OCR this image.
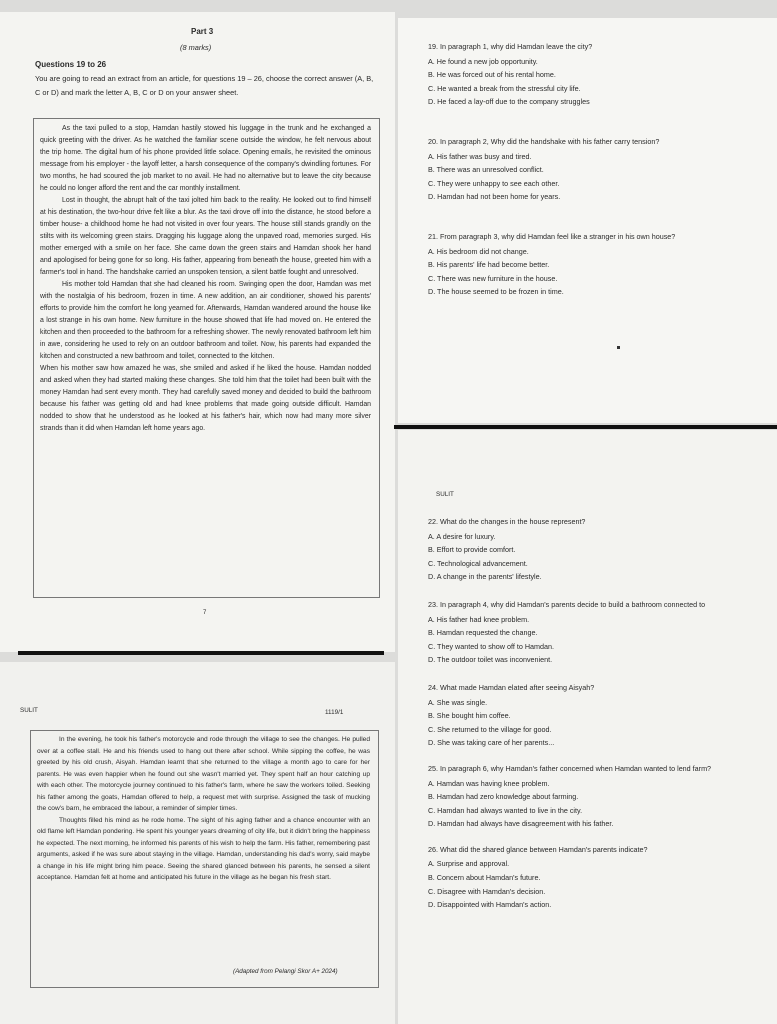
Part 3
(8 marks)
Questions 19 to 26
You are going to read an extract from an article, for questions 19 – 26, choose the correct answer (A, B, C or D) and mark the letter A, B, C or D on your answer sheet.

As the taxi pulled to a stop, Hamdan hastily stowed his luggage in the trunk and he exchanged a quick greeting with the driver. As he watched the familiar scene outside the window, he felt nervous about the trip home. The digital hum of his phone provided little solace. Opening emails, he revisited the ominous message from his employer - the layoff letter, a harsh consequence of the company's dwindling fortunes. For two months, he had scoured the job market to no avail. He had no alternative but to leave the city because he could no longer afford the rent and the car monthly installment.

Lost in thought, the abrupt halt of the taxi jolted him back to the reality. He looked out to find himself at his destination, the two-hour drive felt like a blur. As the taxi drove off into the distance, he stood before a timber house- a childhood home he had not visited in over four years. The house still stands grandly on the stilts with its welcoming green stairs. Dragging his luggage along the unpaved road, memories surged. His mother emerged with a smile on her face. She came down the green stairs and Hamdan shook her hand and apologised for being gone for so long. His father, appearing from beneath the house, greeted him with a farmer's tool in hand. The handshake carried an unspoken tension, a silent battle fought and unresolved.

His mother told Hamdan that she had cleaned his room. Swinging open the door, Hamdan was met with the nostalgia of his bedroom, frozen in time. A new addition, an air conditioner, showed his parents' efforts to provide him the comfort he long yearned for. Afterwards, Hamdan wandered around the house like a lost strange in his own home. New furniture in the house showed that life had moved on. He entered the kitchen and then proceeded to the bathroom for a refreshing shower. The newly renovated bathroom left him in awe, considering he used to rely on an outdoor bathroom and toilet. Now, his parents had expanded the kitchen and constructed a new bathroom and toilet, connected to the kitchen.

When his mother saw how amazed he was, she smiled and asked if he liked the house. Hamdan nodded and asked when they had started making these changes. She told him that the toilet had been built with the money Hamdan had sent every month. They had carefully saved money and decided to build the bathroom because his father was getting old and had knee problems that made going outside difficult. Hamdan nodded to show that he understood as he looked at his father's hair, which now had many more silver strands than it did when Hamdan left home years ago.

7
SULIT	1119/1

In the evening, he took his father's motorcycle and rode through the village to see the changes. He pulled over at a coffee stall. He and his friends used to hang out there after school. While sipping the coffee, he was greeted by his old crush, Aisyah. Hamdan learnt that she returned to the village a month ago to care for her parents. He was even happier when he found out she wasn't married yet. They spent half an hour catching up with each other. The motorcycle journey continued to his father's farm, where he saw the workers toiled. Seeking his father among the goats, Hamdan offered to help, a request met with surprise. Assigned the task of mucking the cow's barn, he embraced the labour, a reminder of simpler times.

Thoughts filled his mind as he rode home. The sight of his aging father and a chance encounter with an old flame left Hamdan pondering. He spent his younger years dreaming of city life, but it didn't bring the happiness he expected. The next morning, he informed his parents of his wish to help the farm. His father, remembering past arguments, asked if he was sure about staying in the village. Hamdan, understanding his dad's worry, said maybe a change in his life might bring him peace. Seeing the shared glanced between his parents, he sensed a silent acceptance. Hamdan felt at home and anticipated his future in the village as he began his fresh start.

(Adapted from Pelangi Skor A+ 2024)
19. In paragraph 1, why did Hamdan leave the city?
A. He found a new job opportunity.
B. He was forced out of his rental home.
C. He wanted a break from the stressful city life.
D. He faced a lay-off due to the company struggles
20. In paragraph 2, Why did the handshake with his father carry tension?
A. His father was busy and tired.
B. There was an unresolved conflict.
C. They were unhappy to see each other.
D. Hamdan had not been home for years.
21. From paragraph 3, why did Hamdan feel like a stranger in his own house?
A. His bedroom did not change.
B. His parents' life had become better.
C. There was new furniture in the house.
D. The house seemed to be frozen in time.
SULIT
22. What do the changes in the house represent?
A. A desire for luxury.
B. Effort to provide comfort.
C. Technological advancement.
D. A change in the parents' lifestyle.
23. In paragraph 4, why did Hamdan's parents decide to build a bathroom connected to
A. His father had knee problem.
B. Hamdan requested the change.
C. They wanted to show off to Hamdan.
D. The outdoor toilet was inconvenient.
24. What made Hamdan elated after seeing Aisyah?
A. She was single.
B. She bought him coffee.
C. She returned to the village for good.
D. She was taking care of her parents...
25. In paragraph 6, why Hamdan's father concerned when Hamdan wanted to lend farm?
A. Hamdan was having knee problem.
B. Hamdan had zero knowledge about farming.
C. Hamdan had always wanted to live in the city.
D. Hamdan had always have disagreement with his father.
26. What did the shared glance between Hamdan's parents indicate?
A. Surprise and approval.
B. Concern about Hamdan's future.
C. Disagree with Hamdan's decision.
D. Disappointed with Hamdan's action.
